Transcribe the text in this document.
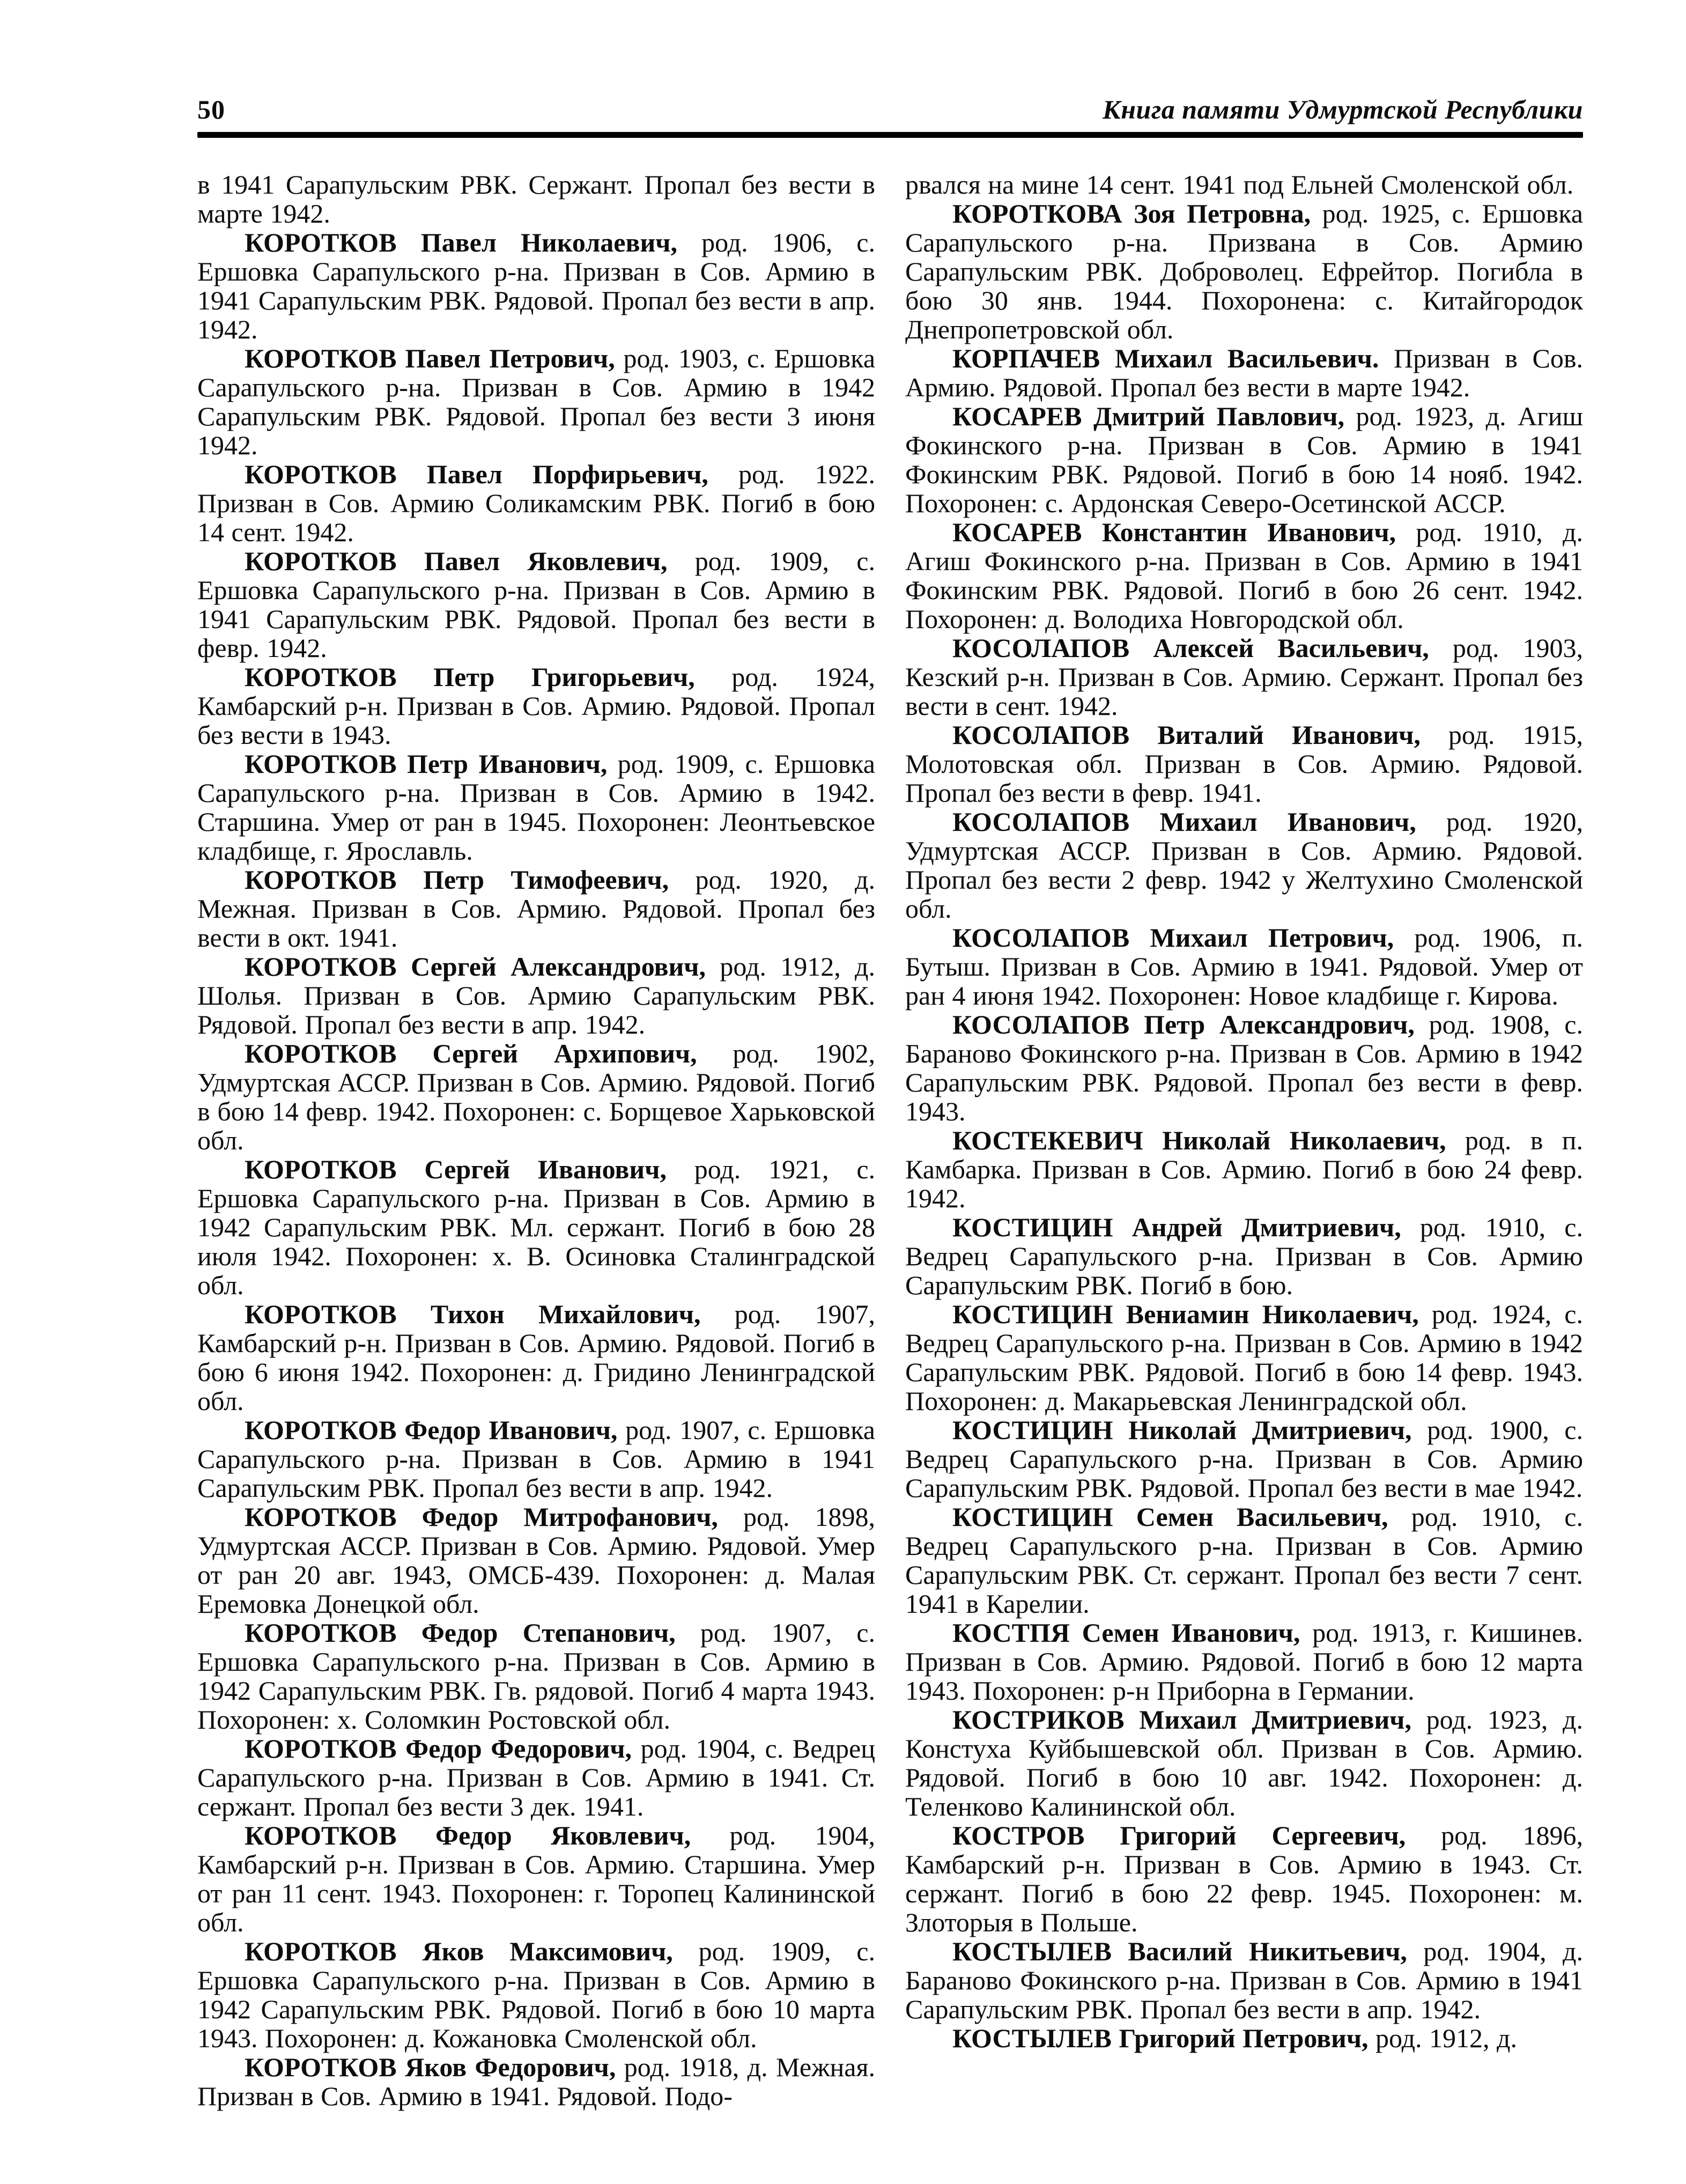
50	Книга памяти Удмуртской Республики

в 1941 Сарапульским РВК. Сержант. Пропал без вести в марте 1942.

КОРОТКОВ Павел Николаевич, род. 1906, с. Ершовка Сарапульского р-на. Призван в Сов. Армию в 1941 Сарапульским РВК. Рядовой. Пропал без вести в апр. 1942.

КОРОТКОВ Павел Петрович, род. 1903, с. Ершовка Сарапульского р-на. Призван в Сов. Армию в 1942 Сарапульским РВК. Рядовой. Пропал без вести 3 июня 1942.

КОРОТКОВ Павел Порфирьевич, род. 1922. Призван в Сов. Армию Соликамским РВК. Погиб в бою 14 сент. 1942.

КОРОТКОВ Павел Яковлевич, род. 1909, с. Ершовка Сарапульского р-на. Призван в Сов. Армию в 1941 Сарапульским РВК. Рядовой. Пропал без вести в февр. 1942.

КОРОТКОВ Петр Григорьевич, род. 1924, Камбарский р-н. Призван в Сов. Армию. Рядовой. Пропал без вести в 1943.

КОРОТКОВ Петр Иванович, род. 1909, с. Ершовка Сарапульского р-на. Призван в Сов. Армию в 1942. Старшина. Умер от ран в 1945. Похоронен: Леонтьевское кладбище, г. Ярославль.

КОРОТКОВ Петр Тимофеевич, род. 1920, д. Межная. Призван в Сов. Армию. Рядовой. Пропал без вести в окт. 1941.

КОРОТКОВ Сергей Александрович, род. 1912, д. Шолья. Призван в Сов. Армию Сарапульским РВК. Рядовой. Пропал без вести в апр. 1942.

КОРОТКОВ Сергей Архипович, род. 1902, Удмуртская АССР. Призван в Сов. Армию. Рядовой. Погиб в бою 14 февр. 1942. Похоронен: с. Борщевое Харьковской обл.

КОРОТКОВ Сергей Иванович, род. 1921, с. Ершовка Сарапульского р-на. Призван в Сов. Армию в 1942 Сарапульским РВК. Мл. сержант. Погиб в бою 28 июля 1942. Похоронен: х. В. Осиновка Сталинградской обл.

КОРОТКОВ Тихон Михайлович, род. 1907, Камбарский р-н. Призван в Сов. Армию. Рядовой. Погиб в бою 6 июня 1942. Похоронен: д. Гридино Ленинградской обл.

КОРОТКОВ Федор Иванович, род. 1907, с. Ершовка Сарапульского р-на. Призван в Сов. Армию в 1941 Сарапульским РВК. Пропал без вести в апр. 1942.

КОРОТКОВ Федор Митрофанович, род. 1898, Удмуртская АССР. Призван в Сов. Армию. Рядовой. Умер от ран 20 авг. 1943, ОМСБ-439. Похоронен: д. Малая Еремовка Донецкой обл.

КОРОТКОВ Федор Степанович, род. 1907, с. Ершовка Сарапульского р-на. Призван в Сов. Армию в 1942 Сарапульским РВК. Гв. рядовой. Погиб 4 марта 1943. Похоронен: х. Соломкин Ростовской обл.

КОРОТКОВ Федор Федорович, род. 1904, с. Ведрец Сарапульского р-на. Призван в Сов. Армию в 1941. Ст. сержант. Пропал без вести 3 дек. 1941.

КОРОТКОВ Федор Яковлевич, род. 1904, Камбарский р-н. Призван в Сов. Армию. Старшина. Умер от ран 11 сент. 1943. Похоронен: г. Торопец Калининской обл.

КОРОТКОВ Яков Максимович, род. 1909, с. Ершовка Сарапульского р-на. Призван в Сов. Армию в 1942 Сарапульским РВК. Рядовой. Погиб в бою 10 марта 1943. Похоронен: д. Кожановка Смоленской обл.

КОРОТКОВ Яков Федорович, род. 1918, д. Межная. Призван в Сов. Армию в 1941. Рядовой. Подо-

рвался на мине 14 сент. 1941 под Ельней Смоленской обл.

КОРОТКОВА Зоя Петровна, род. 1925, с. Ершовка Сарапульского р-на. Призвана в Сов. Армию Сарапульским РВК. Доброволец. Ефрейтор. Погибла в бою 30 янв. 1944. Похоронена: с. Китайгородок Днепропетровской обл.

КОРПАЧЕВ Михаил Васильевич. Призван в Сов. Армию. Рядовой. Пропал без вести в марте 1942.

КОСАРЕВ Дмитрий Павлович, род. 1923, д. Агиш Фокинского р-на. Призван в Сов. Армию в 1941 Фокинским РВК. Рядовой. Погиб в бою 14 нояб. 1942. Похоронен: с. Ардонская Северо-Осетинской АССР.

КОСАРЕВ Константин Иванович, род. 1910, д. Агиш Фокинского р-на. Призван в Сов. Армию в 1941 Фокинским РВК. Рядовой. Погиб в бою 26 сент. 1942. Похоронен: д. Володиха Новгородской обл.

КОСОЛАПОВ Алексей Васильевич, род. 1903, Кезский р-н. Призван в Сов. Армию. Сержант. Пропал без вести в сент. 1942.

КОСОЛАПОВ Виталий Иванович, род. 1915, Молотовская обл. Призван в Сов. Армию. Рядовой. Пропал без вести в февр. 1941.

КОСОЛАПОВ Михаил Иванович, род. 1920, Удмуртская АССР. Призван в Сов. Армию. Рядовой. Пропал без вести 2 февр. 1942 у Желтухино Смоленской обл.

КОСОЛАПОВ Михаил Петрович, род. 1906, п. Бутыш. Призван в Сов. Армию в 1941. Рядовой. Умер от ран 4 июня 1942. Похоронен: Новое кладбище г. Кирова.

КОСОЛАПОВ Петр Александрович, род. 1908, с. Бараново Фокинского р-на. Призван в Сов. Армию в 1942 Сарапульским РВК. Рядовой. Пропал без вести в февр. 1943.

КОСТЕКЕВИЧ Николай Николаевич, род. в п. Камбарка. Призван в Сов. Армию. Погиб в бою 24 февр. 1942.

КОСТИЦИН Андрей Дмитриевич, род. 1910, с. Ведрец Сарапульского р-на. Призван в Сов. Армию Сарапульским РВК. Погиб в бою.

КОСТИЦИН Вениамин Николаевич, род. 1924, с. Ведрец Сарапульского р-на. Призван в Сов. Армию в 1942 Сарапульским РВК. Рядовой. Погиб в бою 14 февр. 1943. Похоронен: д. Макарьевская Ленинградской обл.

КОСТИЦИН Николай Дмитриевич, род. 1900, с. Ведрец Сарапульского р-на. Призван в Сов. Армию Сарапульским РВК. Рядовой. Пропал без вести в мае 1942.

КОСТИЦИН Семен Васильевич, род. 1910, с. Ведрец Сарапульского р-на. Призван в Сов. Армию Сарапульским РВК. Ст. сержант. Пропал без вести 7 сент. 1941 в Карелии.

КОСТПЯ Семен Иванович, род. 1913, г. Кишинев. Призван в Сов. Армию. Рядовой. Погиб в бою 12 марта 1943. Похоронен: р-н Приборна в Германии.

КОСТРИКОВ Михаил Дмитриевич, род. 1923, д. Констуха Куйбышевской обл. Призван в Сов. Армию. Рядовой. Погиб в бою 10 авг. 1942. Похоронен: д. Теленково Калининской обл.

КОСТРОВ Григорий Сергеевич, род. 1896, Камбарский р-н. Призван в Сов. Армию в 1943. Ст. сержант. Погиб в бою 22 февр. 1945. Похоронен: м. Злоторыя в Польше.

КОСТЫЛЕВ Василий Никитьевич, род. 1904, д. Бараново Фокинского р-на. Призван в Сов. Армию в 1941 Сарапульским РВК. Пропал без вести в апр. 1942.

КОСТЫЛЕВ Григорий Петрович, род. 1912, д.
